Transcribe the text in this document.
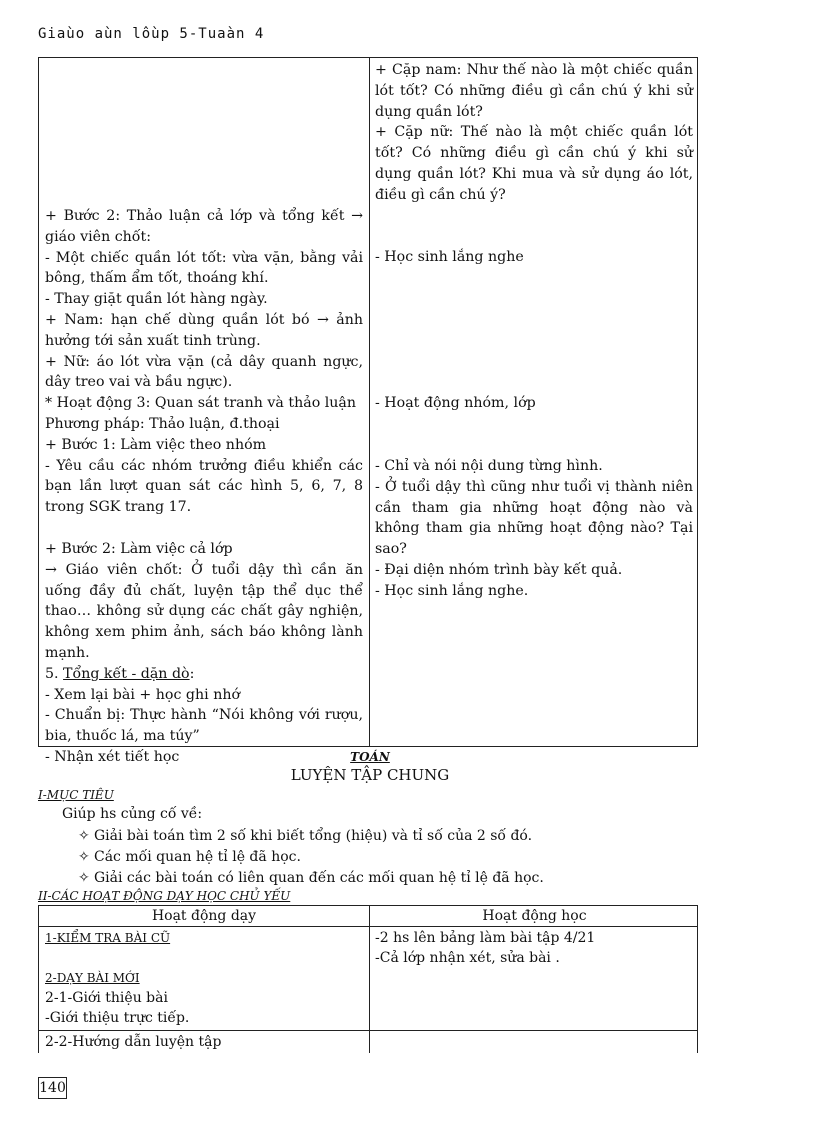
Giaùo aùn lôùp 5-Tuaàn 4

+ Cặp nam: Như thế nào là một chiếc quần lót tốt? Có những điều gì cần chú ý khi sử dụng quần lót?

+ Cặp nữ: Thế nào là một chiếc quần lót tốt? Có những điều gì cần chú ý khi sử dụng quần lót? Khi mua và sử dụng áo lót, điều gì cần chú ý?

+ Bước 2: Thảo luận cả lớp và tổng kết → giáo viên chốt:

- Một chiếc quần lót tốt: vừa vặn, bằng vải bông, thấm ẩm tốt, thoáng khí.

- Thay giặt quần lót hàng ngày.

+ Nam: hạn chế dùng quần lót bó → ảnh hưởng tới sản xuất tinh trùng.

+ Nữ: áo lót vừa vặn (cả dây quanh ngực, dây treo vai và bầu ngực).

* Hoạt động 3: Quan sát tranh và thảo luận

Phương pháp: Thảo luận, đ.thoại

+ Bước 1: Làm việc theo nhóm

- Yêu cầu các nhóm trưởng điều khiển các bạn lần lượt quan sát các hình 5, 6, 7, 8 trong SGK trang 17.

+ Bước 2: Làm việc cả lớp

→ Giáo viên chốt: Ở tuổi dậy thì cần ăn uống đầy đủ chất, luyện tập thể dục thể thao… không sử dụng các chất gây nghiện, không xem phim ảnh, sách báo không lành mạnh.

5. Tổng kết - dặn dò:

- Xem lại bài + học ghi nhớ

- Chuẩn bị: Thực hành “Nói không với rượu, bia, thuốc lá, ma túy”

- Nhận xét tiết học

- Học sinh lắng nghe
- Hoạt động nhóm, lớp

- Chỉ và nói nội dung từng hình.

- Ở tuổi dậy thì cũng như tuổi vị thành niên cần tham gia những hoạt động nào và không tham gia những hoạt động nào? Tại sao?

- Đại diện nhóm trình bày kết quả.

- Học sinh lắng nghe.

TOÁN
LUYỆN TẬP CHUNG
I-MỤC TIÊU
Giúp hs củng cố về:
✧ Giải bài toán tìm 2 số khi biết tổng (hiệu) và tỉ số của 2 số đó.
✧ Các mối quan hệ tỉ lệ đã học.
✧ Giải các bài toán có liên quan đến các mối quan hệ tỉ lệ đã học.
II-CÁC HOẠT ĐỘNG DẠY HỌC CHỦ YẾU
Hoạt động dạy	Hoạt động học
1-KIỂM TRA BÀI CŨ
2-DẠY BÀI MỚI
2-1-Giới thiệu bài
-Giới thiệu trực tiếp.
-2 hs lên bảng làm bài tập 4/21
-Cả lớp nhận xét, sửa bài .
2-2-Hướng dẫn luyện tập
140
